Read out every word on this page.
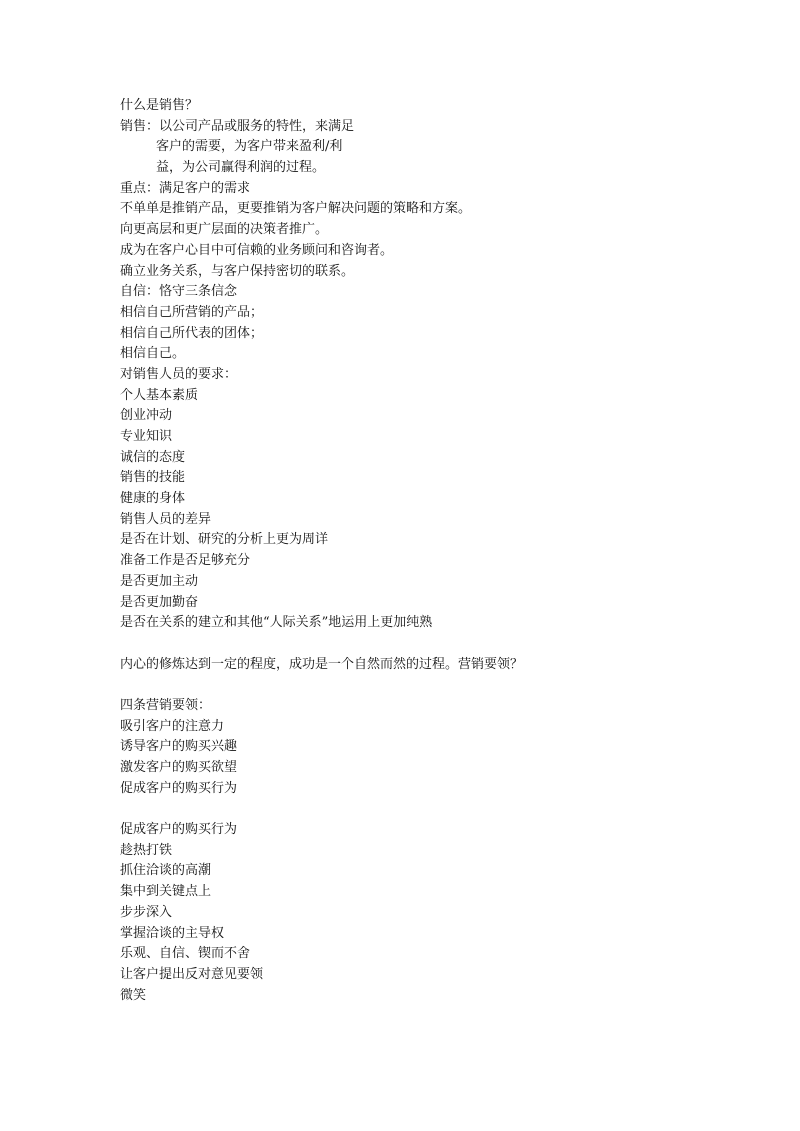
什么是销售？
销售：以公司产品或服务的特性，来满足
客户的需要，为客户带来盈利/利
益，为公司赢得利润的过程。
重点：满足客户的需求
不单单是推销产品，更要推销为客户解决问题的策略和方案。
向更高层和更广层面的决策者推广。
成为在客户心目中可信赖的业务顾问和咨询者。
确立业务关系，与客户保持密切的联系。
自信：恪守三条信念
相信自己所营销的产品；
相信自己所代表的团体；
相信自己。
对销售人员的要求：
个人基本素质
创业冲动
专业知识
诚信的态度
销售的技能
健康的身体
销售人员的差异
是否在计划、研究的分析上更为周详
准备工作是否足够充分
是否更加主动
是否更加勤奋
是否在关系的建立和其他“人际关系”地运用上更加纯熟
内心的修炼达到一定的程度，成功是一个自然而然的过程。营销要领？
四条营销要领：
吸引客户的注意力
诱导客户的购买兴趣
激发客户的购买欲望
促成客户的购买行为
促成客户的购买行为
趁热打铁
抓住洽谈的高潮
集中到关键点上
步步深入
掌握洽谈的主导权
乐观、自信、锲而不舍
让客户提出反对意见要领
微笑
